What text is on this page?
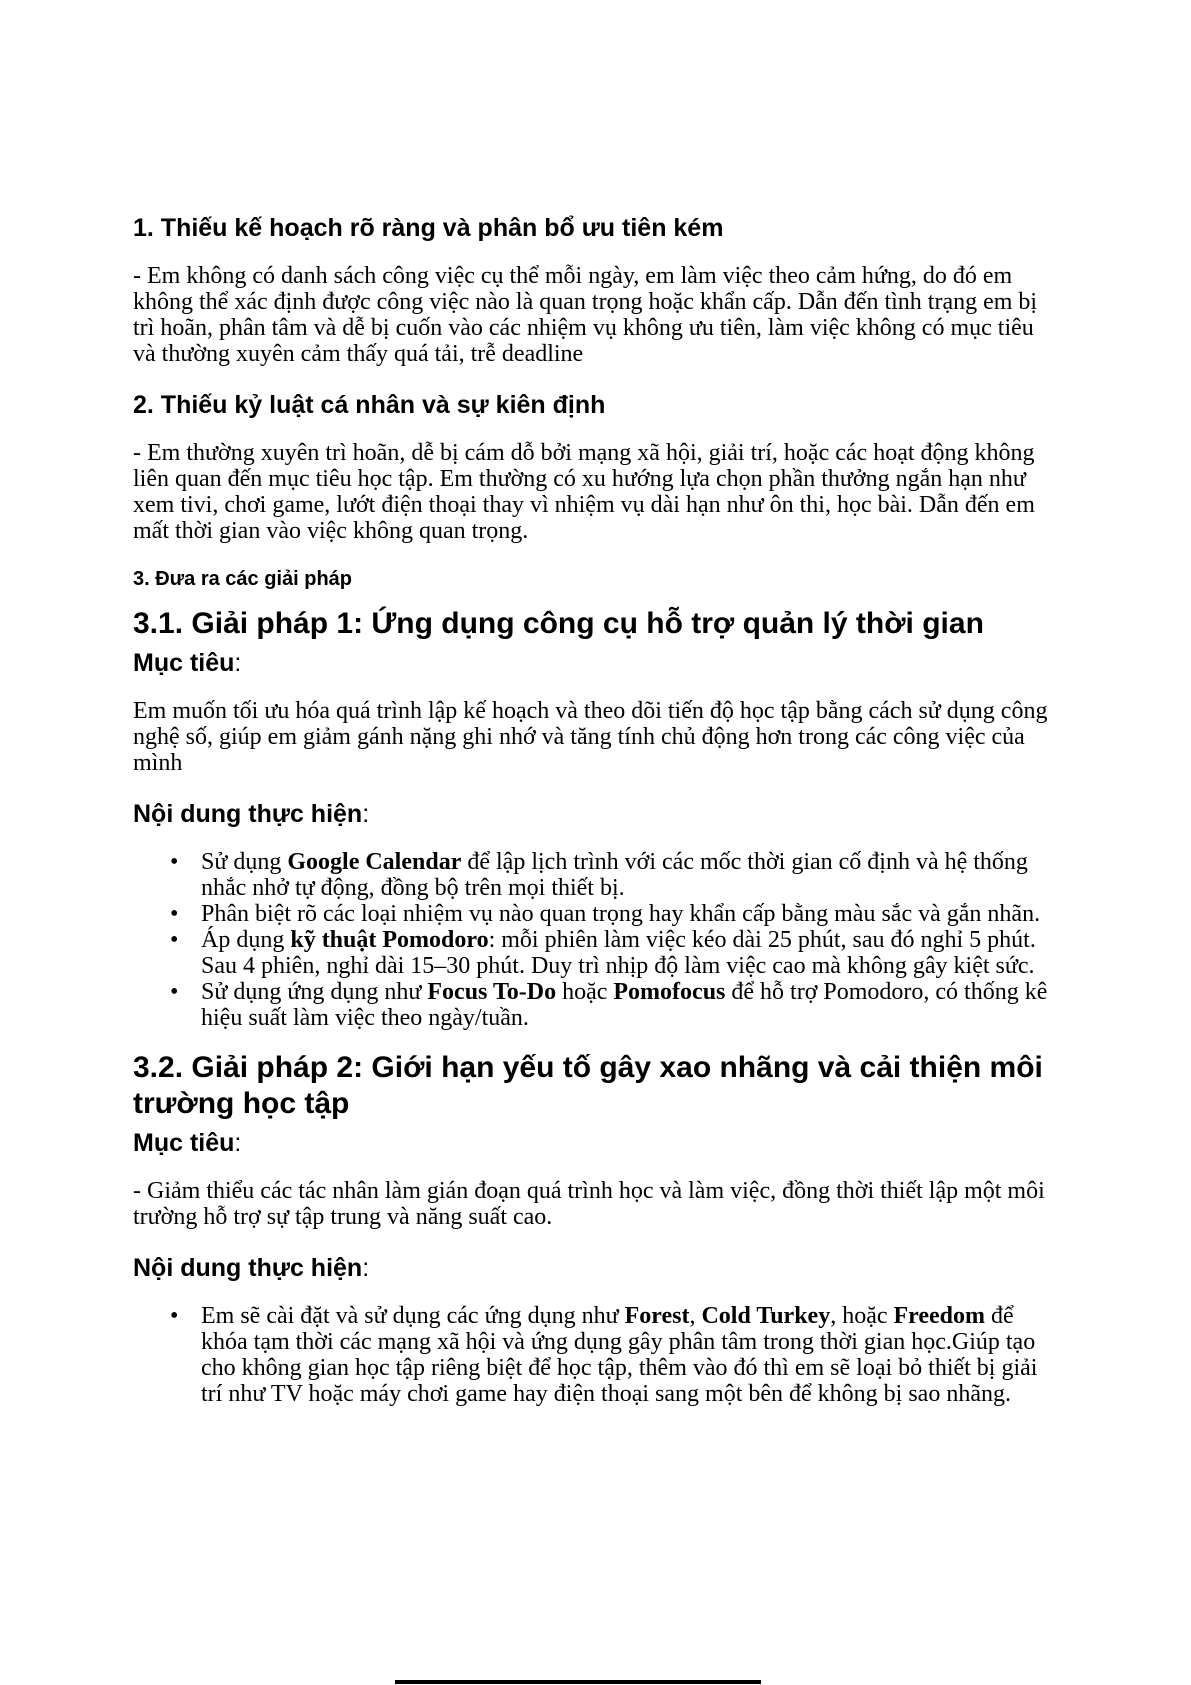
1. Thiếu kế hoạch rõ ràng và phân bổ ưu tiên kém

- Em không có danh sách công việc cụ thể mỗi ngày, em làm việc theo cảm hứng, do đó em không thể xác định được công việc nào là quan trọng hoặc khẩn cấp. Dẫn đến tình trạng em bị trì hoãn, phân tâm và dễ bị cuốn vào các nhiệm vụ không ưu tiên, làm việc không có mục tiêu và thường xuyên cảm thấy quá tải, trễ deadline

2. Thiếu kỷ luật cá nhân và sự kiên định

- Em thường xuyên trì hoãn, dễ bị cám dỗ bởi mạng xã hội, giải trí, hoặc các hoạt động không liên quan đến mục tiêu học tập. Em thường có xu hướng lựa chọn phần thưởng ngắn hạn như xem tivi, chơi game, lướt điện thoại thay vì nhiệm vụ dài hạn như ôn thi, học bài. Dẫn đến em mất thời gian vào việc không quan trọng.

3. Đưa ra các giải pháp
3.1. Giải pháp 1: Ứng dụng công cụ hỗ trợ quản lý thời gian
Mục tiêu:

Em muốn tối ưu hóa quá trình lập kế hoạch và theo dõi tiến độ học tập bằng cách sử dụng công nghệ số, giúp em giảm gánh nặng ghi nhớ và tăng tính chủ động hơn trong các công việc của mình

Nội dung thực hiện:
• Sử dụng Google Calendar để lập lịch trình với các mốc thời gian cố định và hệ thống nhắc nhở tự động, đồng bộ trên mọi thiết bị.
• Phân biệt rõ các loại nhiệm vụ nào quan trọng hay khẩn cấp bằng màu sắc và gắn nhãn.
• Áp dụng kỹ thuật Pomodoro: mỗi phiên làm việc kéo dài 25 phút, sau đó nghỉ 5 phút. Sau 4 phiên, nghỉ dài 15–30 phút. Duy trì nhịp độ làm việc cao mà không gây kiệt sức.
• Sử dụng ứng dụng như Focus To-Do hoặc Pomofocus để hỗ trợ Pomodoro, có thống kê hiệu suất làm việc theo ngày/tuần.
3.2. Giải pháp 2: Giới hạn yếu tố gây xao nhãng và cải thiện môi trường học tập
Mục tiêu:

- Giảm thiểu các tác nhân làm gián đoạn quá trình học và làm việc, đồng thời thiết lập một môi trường hỗ trợ sự tập trung và năng suất cao.

Nội dung thực hiện:
• Em sẽ cài đặt và sử dụng các ứng dụng như Forest, Cold Turkey, hoặc Freedom để khóa tạm thời các mạng xã hội và ứng dụng gây phân tâm trong thời gian học.Giúp tạo cho không gian học tập riêng biệt để học tập, thêm vào đó thì em sẽ loại bỏ thiết bị giải trí như TV hoặc máy chơi game hay điện thoại sang một bên để không bị sao nhãng.
